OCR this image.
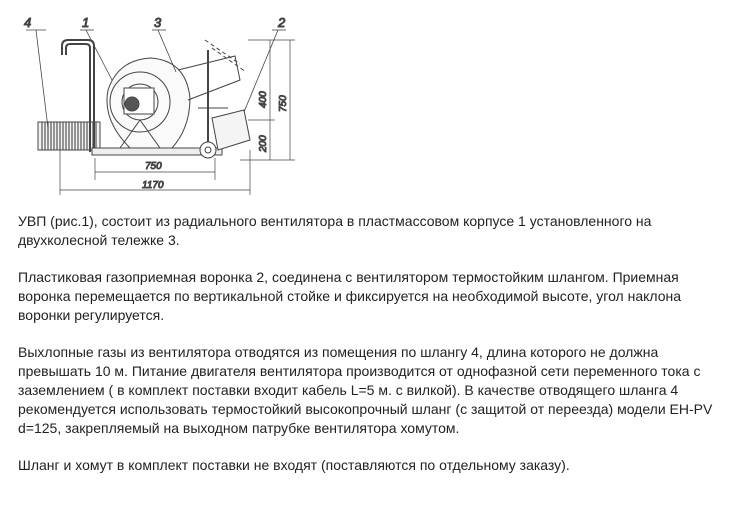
4	1	3	2
750
1170
400
200
750

УВП (рис.1), состоит из радиального вентилятора в пластмассовом корпусе 1 установленного на двухколесной тележке 3.

Пластиковая газоприемная воронка 2, соединена с вентилятором термостойким шлангом. Приемная воронка перемещается по вертикальной стойке и фиксируется на необходимой высоте, угол наклона воронки регулируется.

Выхлопные газы из вентилятора отводятся из помещения по шлангу 4, длина которого не должна превышать 10 м. Питание двигателя вентилятора производится от однофазной сети переменного тока с заземлением ( в комплект поставки входит кабель L=5 м. с вилкой). В качестве отводящего шланга 4 рекомендуется использовать термостойкий высокопрочный шланг (с защитой от переезда) модели EH-PV d=125, закрепляемый на выходном патрубке вентилятора хомутом.

Шланг и хомут в комплект поставки не входят (поставляются по отдельному заказу).
